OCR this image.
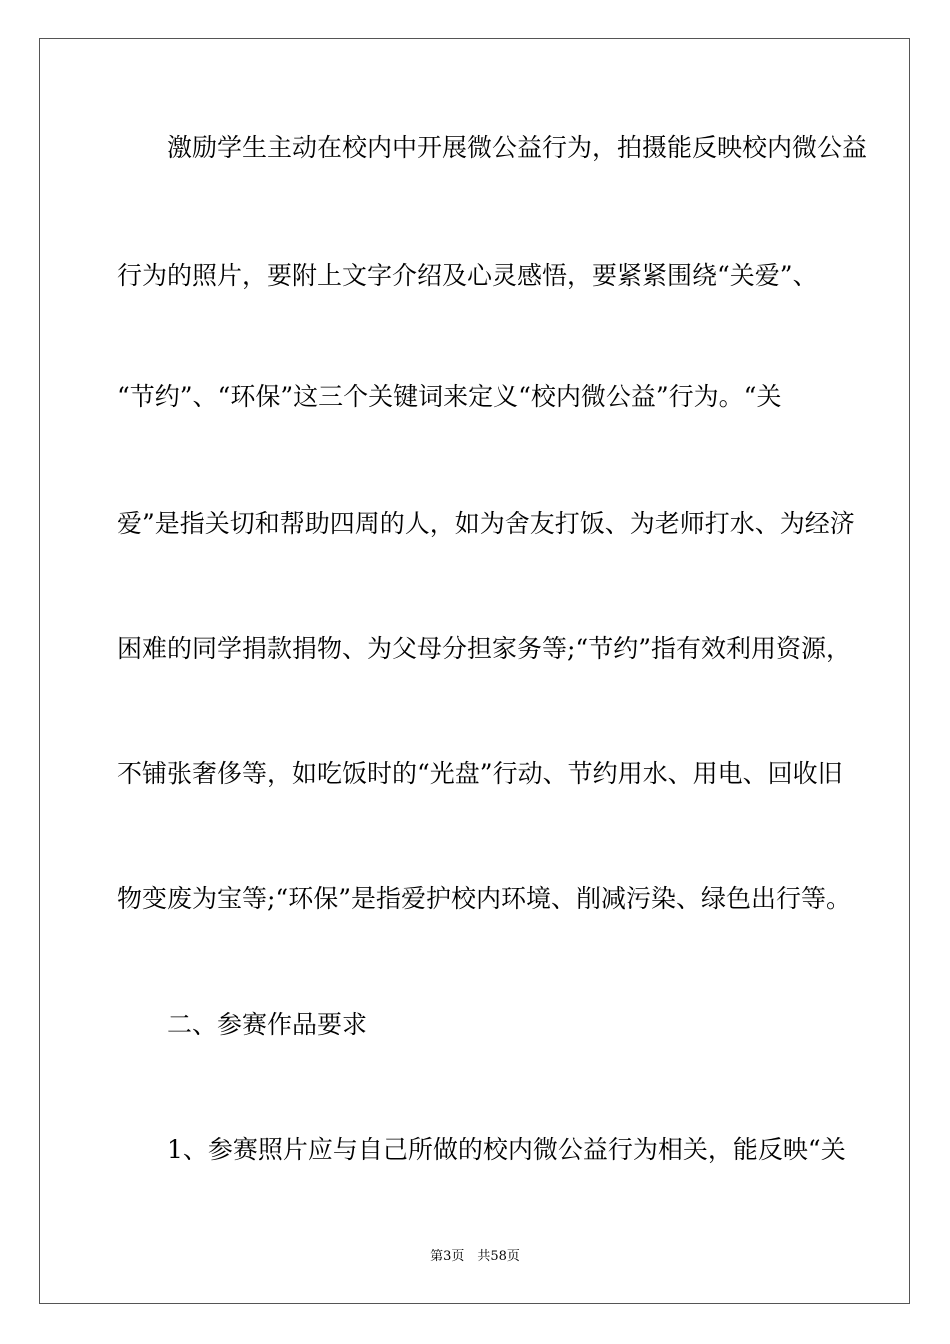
　　激励学生主动在校内中开展微公益行为，拍摄能反映校内微公益
行为的照片，要附上文字介绍及心灵感悟，要紧紧围绕“关爱”、
“节约”、“环保”这三个关键词来定义“校内微公益”行为。“关
爱”是指关切和帮助四周的人，如为舍友打饭、为老师打水、为经济
困难的同学捐款捐物、为父母分担家务等;“节约”指有效利用资源，
不铺张奢侈等，如吃饭时的“光盘”行动、节约用水、用电、回收旧
物变废为宝等;“环保”是指爱护校内环境、削减污染、绿色出行等。
　　二、参赛作品要求
　　1、参赛照片应与自己所做的校内微公益行为相关，能反映“关
第3页　共58页
